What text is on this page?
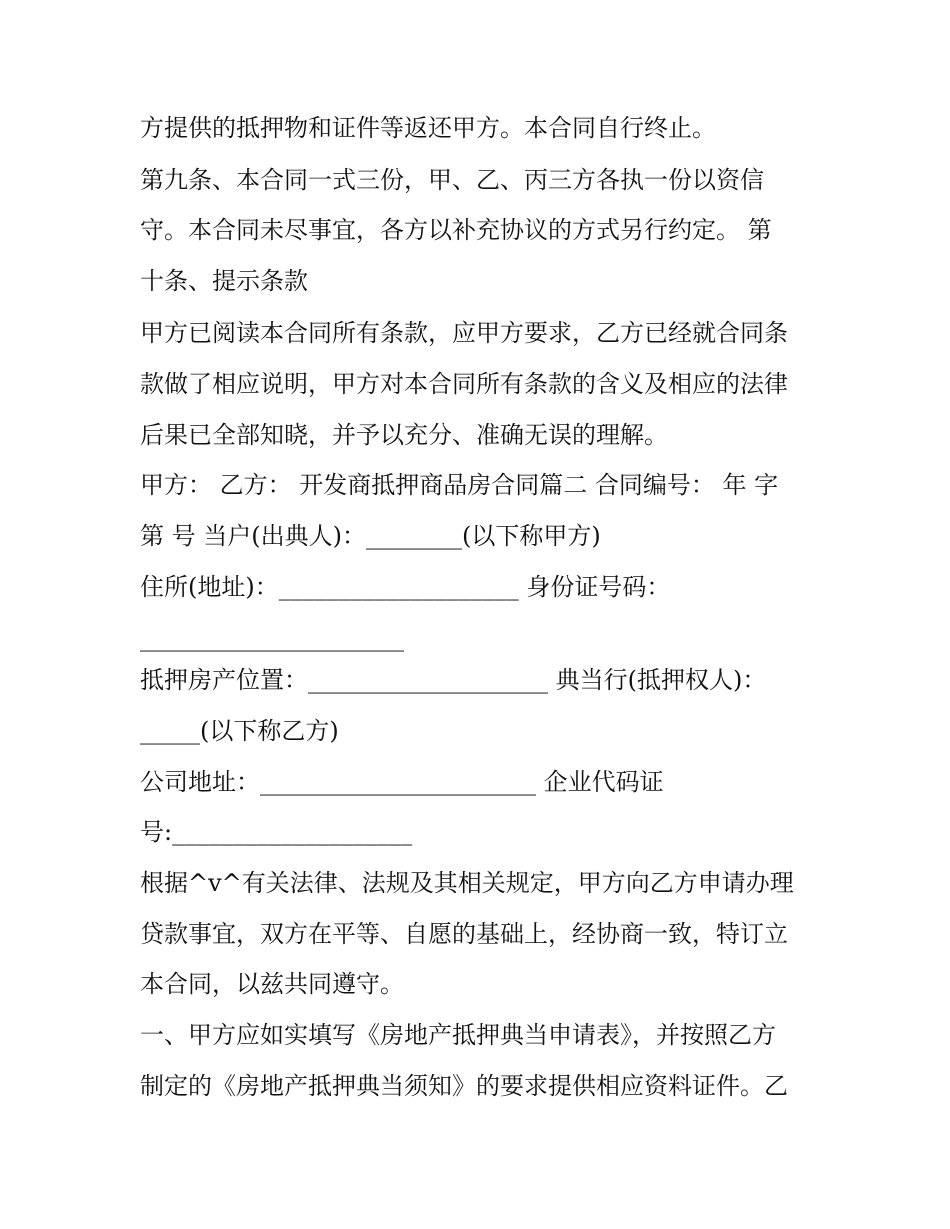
方提供的抵押物和证件等返还甲方。本合同自行终止。
第九条、本合同一式三份，甲、乙、丙三方各执一份以资信
守。本合同未尽事宜，各方以补充协议的方式另行约定。 第
十条、提示条款
甲方已阅读本合同所有条款，应甲方要求，乙方已经就合同条
款做了相应说明，甲方对本合同所有条款的含义及相应的法律
后果已全部知晓，并予以充分、准确无误的理解。
甲方： 乙方： 开发商抵押商品房合同篇二 合同编号： 年 字
第 号 当户(出典人)：________(以下称甲方)
住所(地址)：____________________ 身份证号码：
______________________
抵押房产位置：____________________ 典当行(抵押权人)：
_____(以下称乙方)
公司地址：_______________________ 企业代码证
号:____________________
根据^v^有关法律、法规及其相关规定，甲方向乙方申请办理
贷款事宜，双方在平等、自愿的基础上，经协商一致，特订立
本合同，以兹共同遵守。
一、甲方应如实填写《房地产抵押典当申请表》，并按照乙方
制定的《房地产抵押典当须知》的要求提供相应资料证件。乙
